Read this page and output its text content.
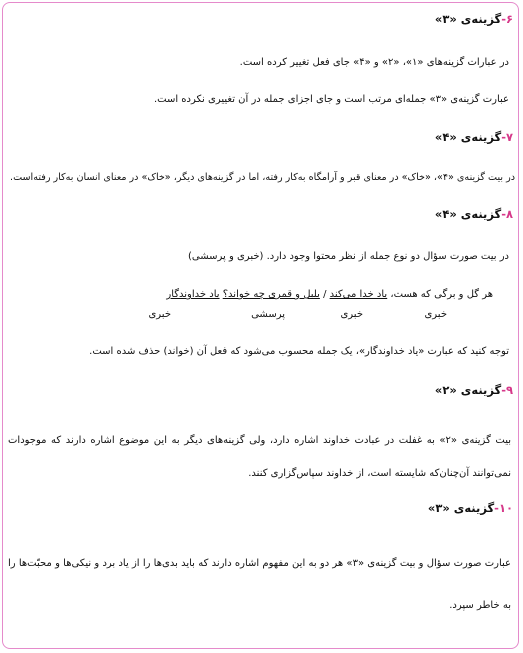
۶-گزینه‌ی «۳»
در عبارات گزینه‌های «۱»، «۲» و «۴» جای فعل تغییر کرده است.
عبارت گزینه‌ی «۳» جمله‌ای مرتب است و جای اجزای جمله در آن تغییری نکرده است.
۷-گزینه‌ی «۴»
در بیت گزینه‌ی «۴»، «خاک» در معنای قبر و آرامگاه به‌کار رفته، اما در گزینه‌های دیگر، «خاک» در معنای انسان به‌کار رفته‌است.
۸-گزینه‌ی «۴»
در بیت صورت سؤال دو نوع جمله از نظر محتوا وجود دارد. (خبری و پرسشی)
هر گل و برگی که هست، یاد خدا می‌کند / بلبل و قمری چه خواند؟ یاد خداوندگار
خبری
خبری
پرسشی
خبری
توجه کنید که عبارت «یاد خداوندگار»، یک جمله محسوب می‌شود که فعل آن (خواند) حذف شده است.
۹-گزینه‌ی «۲»
بیت گزینه‌ی «۲» به غفلت در عبادت خداوند اشاره دارد، ولی گزینه‌های دیگر به این موضوع اشاره دارند که موجودات نمی‌توانند آن‌چنان‌که شایسته است، از خداوند سپاس‌گزاری کنند.
۱۰-گزینه‌ی «۳»
عبارت صورت سؤال و بیت گزینه‌ی «۳» هر دو به این مفهوم اشاره دارند که باید بدی‌ها را از یاد برد و نیکی‌ها و محبّت‌ها را به خاطر سپرد.
